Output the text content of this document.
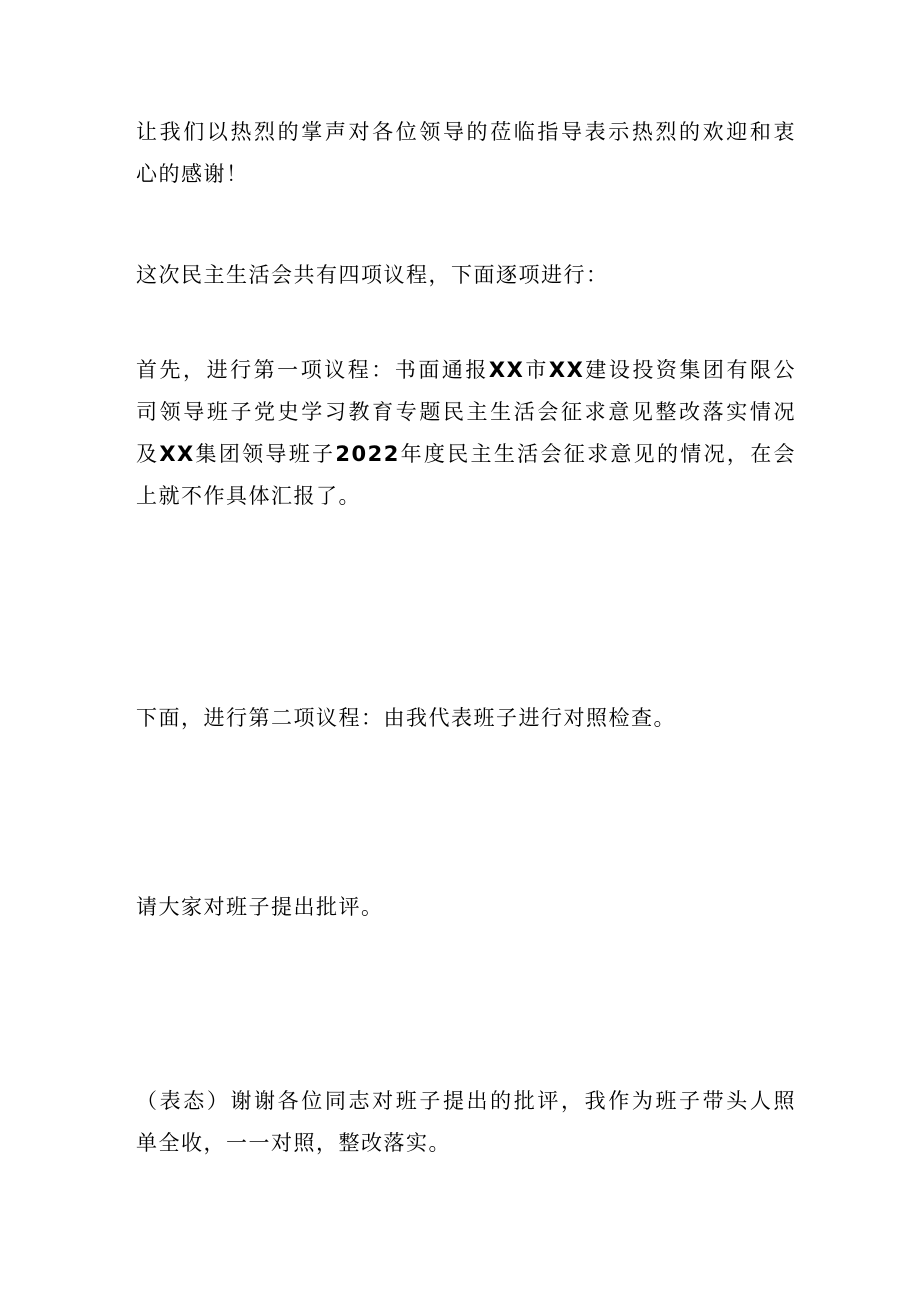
让我们以热烈的掌声对各位领导的莅临指导表示热烈的欢迎和衷
心的感谢！

这次民主生活会共有四项议程，下面逐项进行：

首先，进行第一项议程：书面通报XX市XX建设投资集团有限公
司领导班子党史学习教育专题民主生活会征求意见整改落实情况
及XX集团领导班子2022年度民主生活会征求意见的情况，在会
上就不作具体汇报了。

下面，进行第二项议程：由我代表班子进行对照检查。

请大家对班子提出批评。

（表态）谢谢各位同志对班子提出的批评，我作为班子带头人照
单全收，一一对照，整改落实。
